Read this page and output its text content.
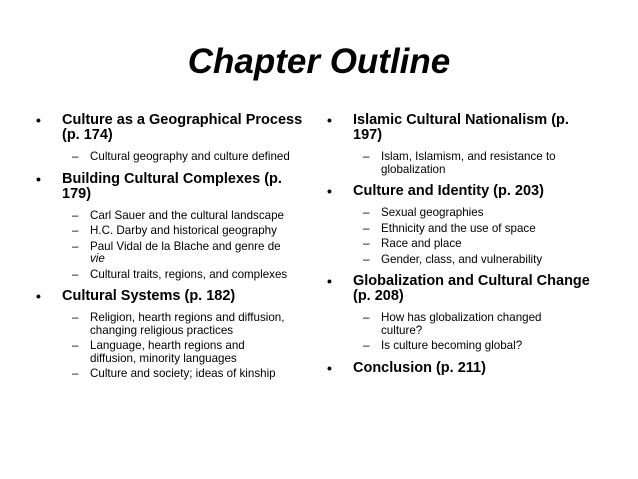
Chapter Outline
• Culture as a Geographical Process
(p. 174)
– Cultural geography and culture defined
• Building Cultural Complexes (p.
179)
– Carl Sauer and the cultural landscape
– H.C. Darby and historical geography
– Paul Vidal de la Blache and genre de
vie
– Cultural traits, regions, and complexes
• Cultural Systems (p. 182)
– Religion, hearth regions and diffusion,
changing religious practices
– Language, hearth regions and
diffusion, minority languages
– Culture and society; ideas of kinship
• Islamic Cultural Nationalism (p.
197)
– Islam, Islamism, and resistance to
globalization
• Culture and Identity (p. 203)
– Sexual geographies
– Ethnicity and the use of space
– Race and place
– Gender, class, and vulnerability
• Globalization and Cultural Change
(p. 208)
– How has globalization changed
culture?
– Is culture becoming global?
• Conclusion (p. 211)
